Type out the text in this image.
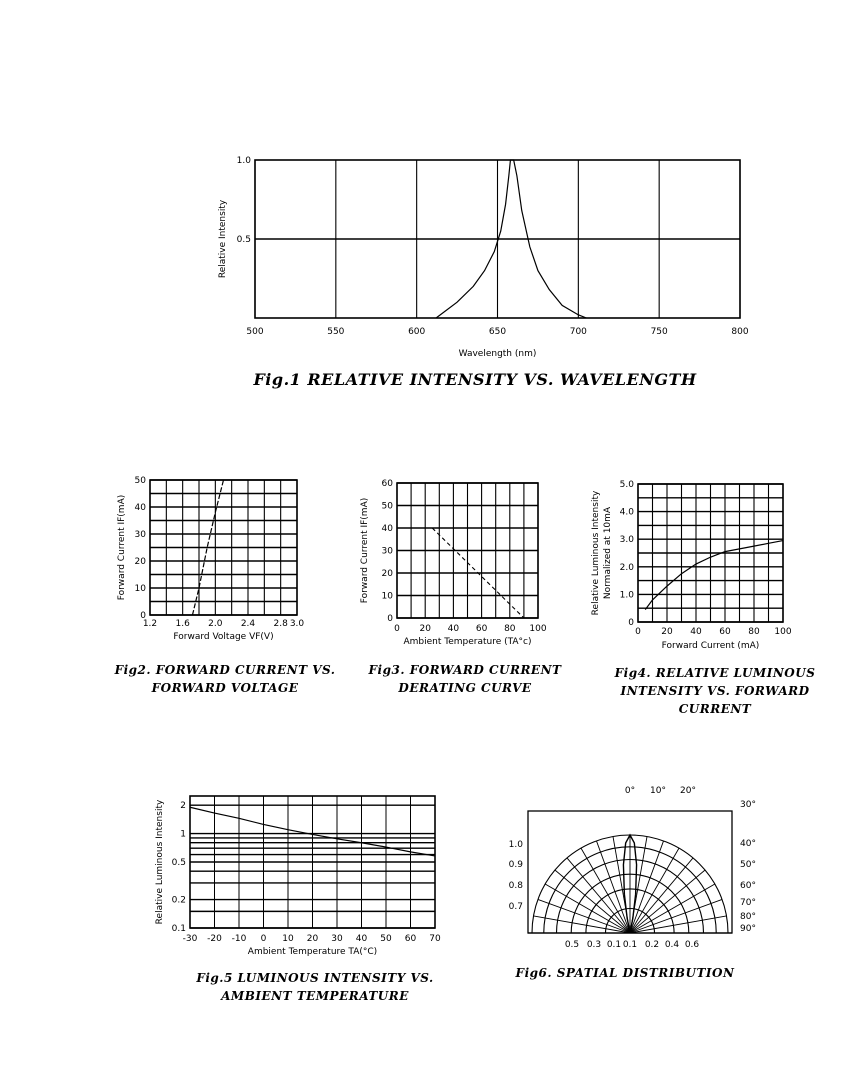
500	550	600	650	700	750	800
0.5
1.0
Wavelength (nm)
Relative Intensity
Fig.1 RELATIVE INTENSITY VS. WAVELENGTH
1.2 1.6 2.0 2.4 2.8 3.0
0
10
20
30
40
50
Forward Voltage VF(V)
Forward Current IF(mA)
Fig2. FORWARD CURRENT VS.
FORWARD VOLTAGE
0 20 40 60 80 100
0
10
20
30
40
50
60
Ambient Temperature (TA°c)
Forward Current IF(mA)
Fig3. FORWARD CURRENT
DERATING CURVE
0 20 40 60 80 100
0
1.0
2.0
3.0
4.0
5.0
Forward Current (mA)
Relative Luminous Intensity Normalized at 10mA
Fig4. RELATIVE LUMINOUS
INTENSITY VS. FORWARD CURRENT
-30 -20 -10 0 10 20 30 40 50 60 70
0.1
0.2
0.5
1
2
Ambient Temperature TA(°C)
Relative Luminous Intensity
Fig.5 LUMINOUS INTENSITY VS.
AMBIENT TEMPERATURE
0° 10° 20°
30°
40°
50°
60°
70°
80°
90°
1.0
0.9
0.8
0.7
0.5 0.3 0.1 0.1 0.2 0.4 0.6
Fig6. SPATIAL DISTRIBUTION
